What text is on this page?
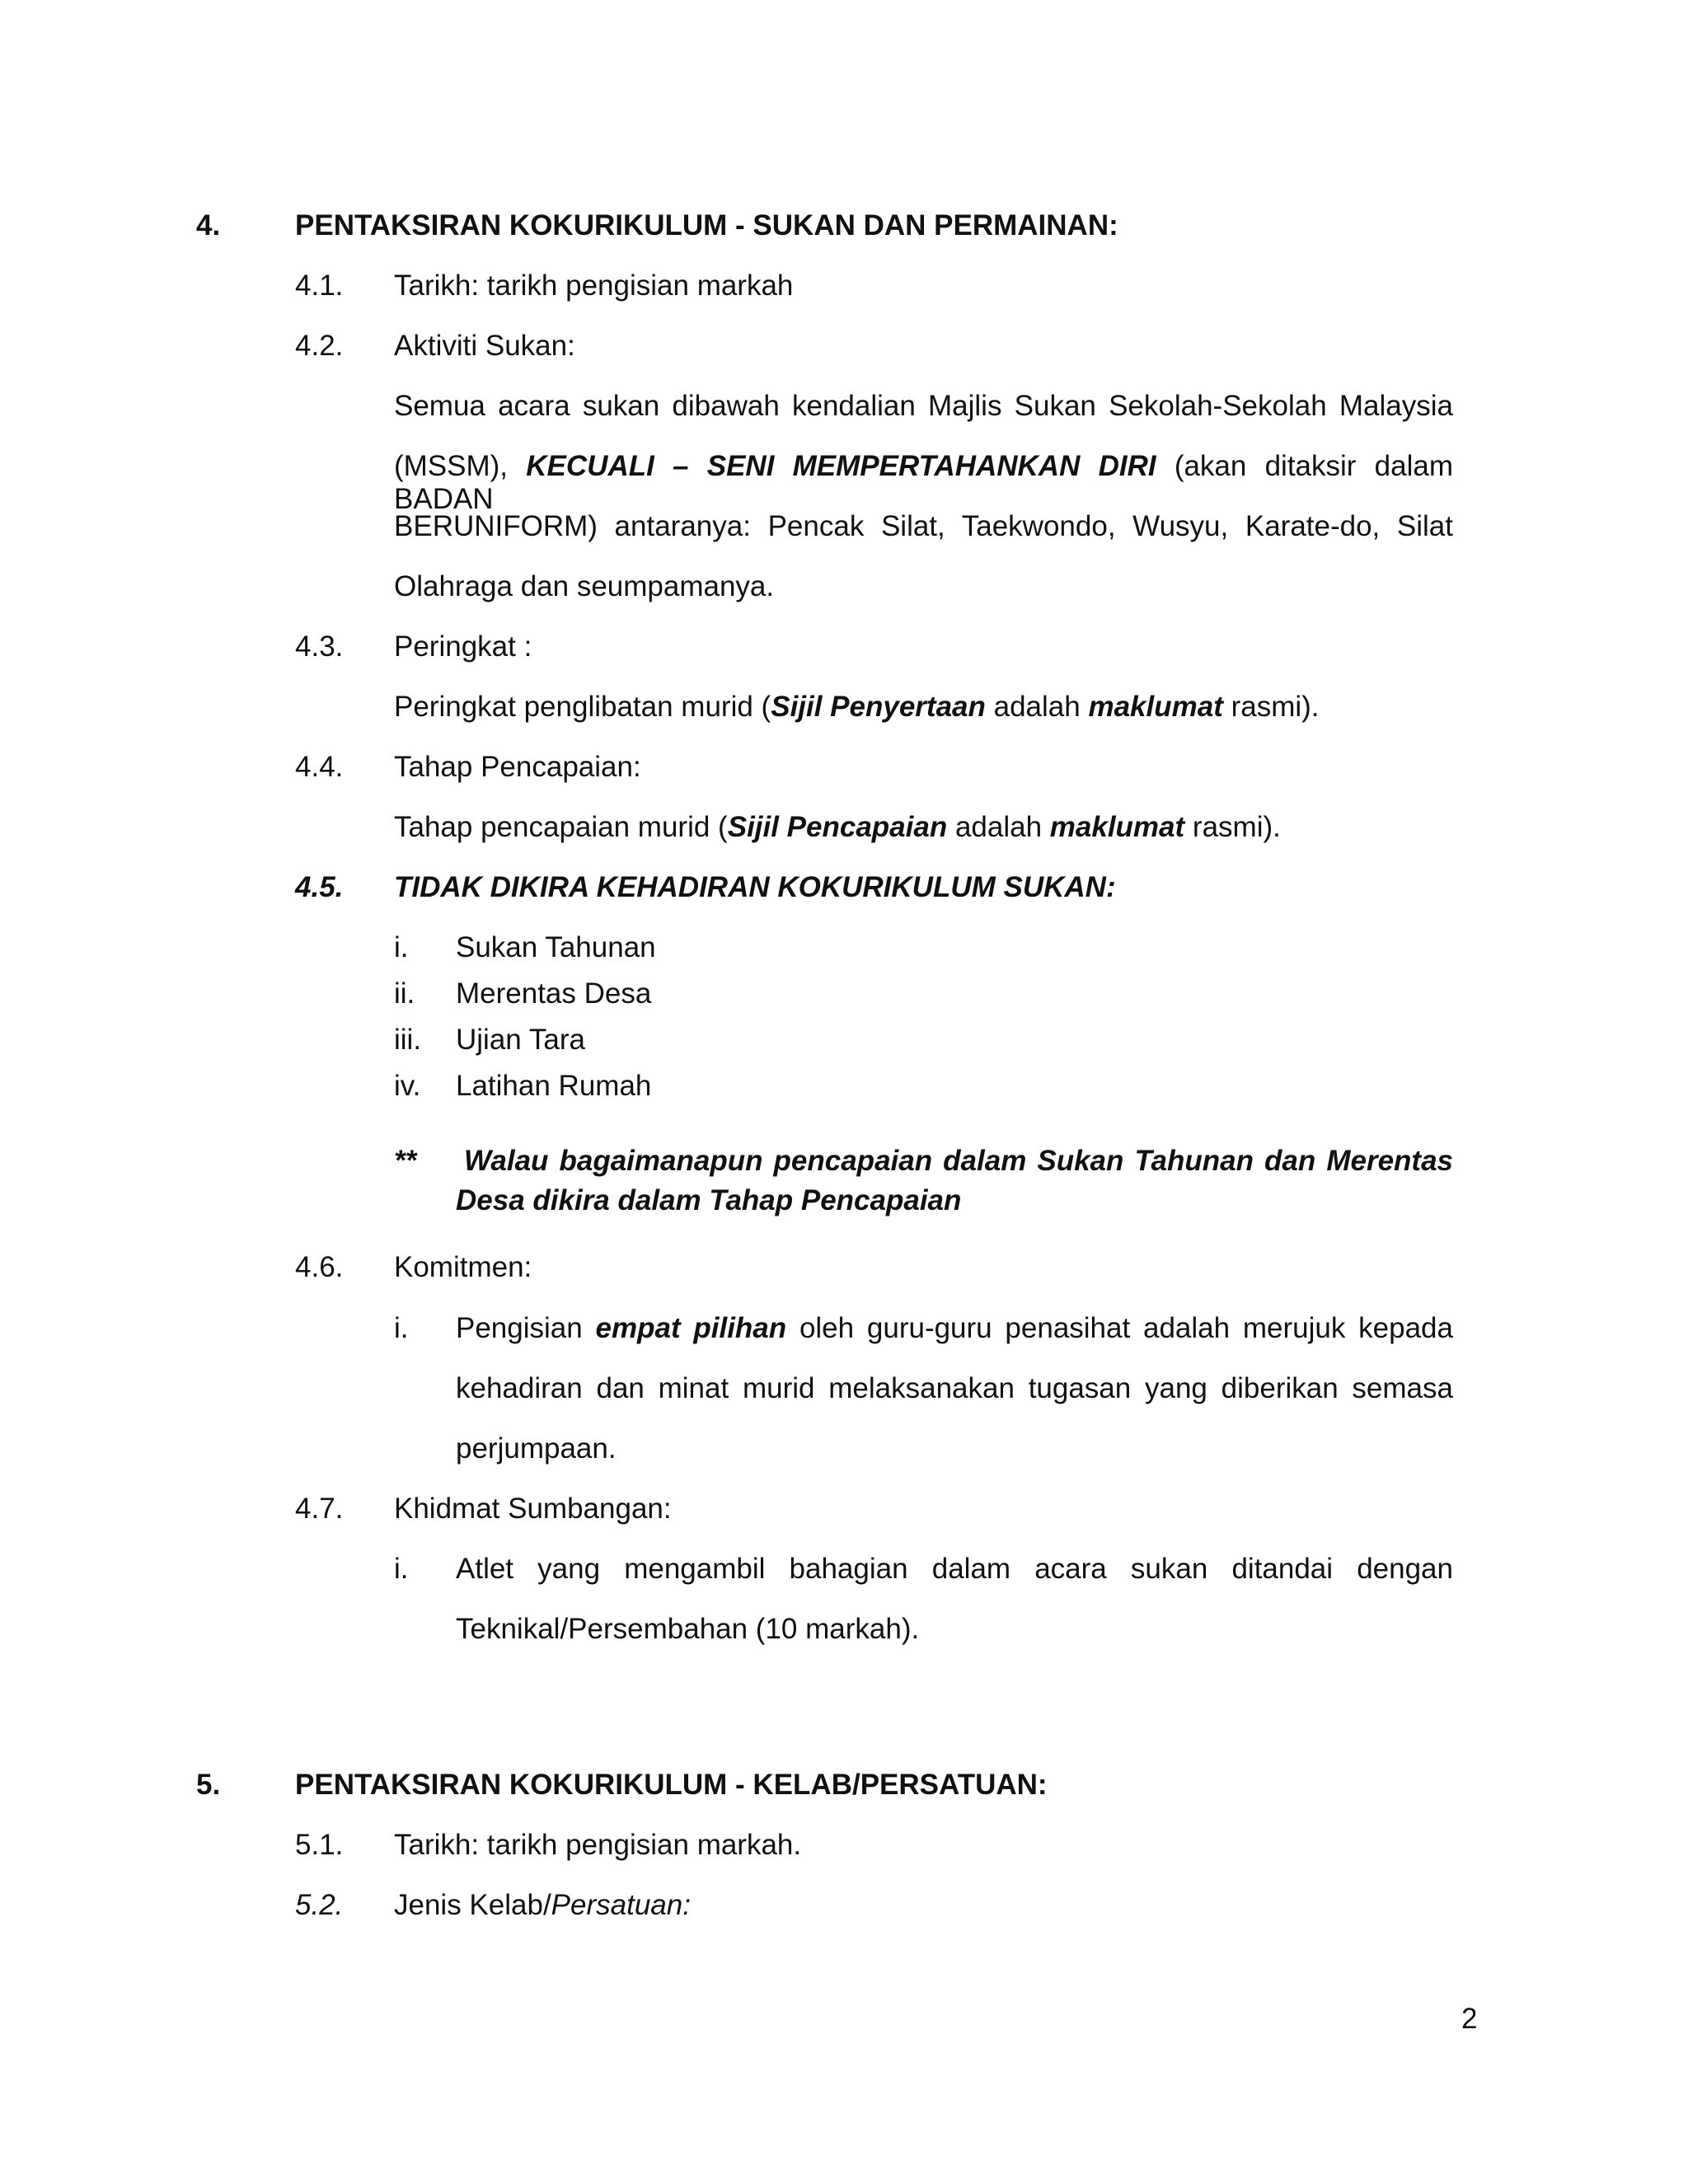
4.	PENTAKSIRAN KOKURIKULUM - SUKAN DAN PERMAINAN:
4.1. Tarikh: tarikh pengisian markah
4.2. Aktiviti Sukan:
Semua acara sukan dibawah kendalian Majlis Sukan Sekolah-Sekolah Malaysia
(MSSM), KECUALI – SENI MEMPERTAHANKAN DIRI (akan ditaksir dalam BADAN
BERUNIFORM) antaranya: Pencak Silat, Taekwondo, Wusyu, Karate-do, Silat
Olahraga dan seumpamanya.
4.3. Peringkat :
Peringkat penglibatan murid (Sijil Penyertaan adalah maklumat rasmi).
4.4. Tahap Pencapaian:
Tahap pencapaian murid (Sijil Pencapaian adalah maklumat rasmi).
4.5. TIDAK DIKIRA KEHADIRAN KOKURIKULUM SUKAN:
i. Sukan Tahunan
ii. Merentas Desa
iii. Ujian Tara
iv. Latihan Rumah
** Walau bagaimanapun pencapaian dalam Sukan Tahunan dan Merentas
Desa dikira dalam Tahap Pencapaian
4.6. Komitmen:
i. Pengisian empat pilihan oleh guru-guru penasihat adalah merujuk kepada
kehadiran dan minat murid melaksanakan tugasan yang diberikan semasa
perjumpaan.
4.7. Khidmat Sumbangan:
i. Atlet yang mengambil bahagian dalam acara sukan ditandai dengan
Teknikal/Persembahan (10 markah).
5.	PENTAKSIRAN KOKURIKULUM - KELAB/PERSATUAN:
5.1. Tarikh: tarikh pengisian markah.
5.2. Jenis Kelab/Persatuan:
2
